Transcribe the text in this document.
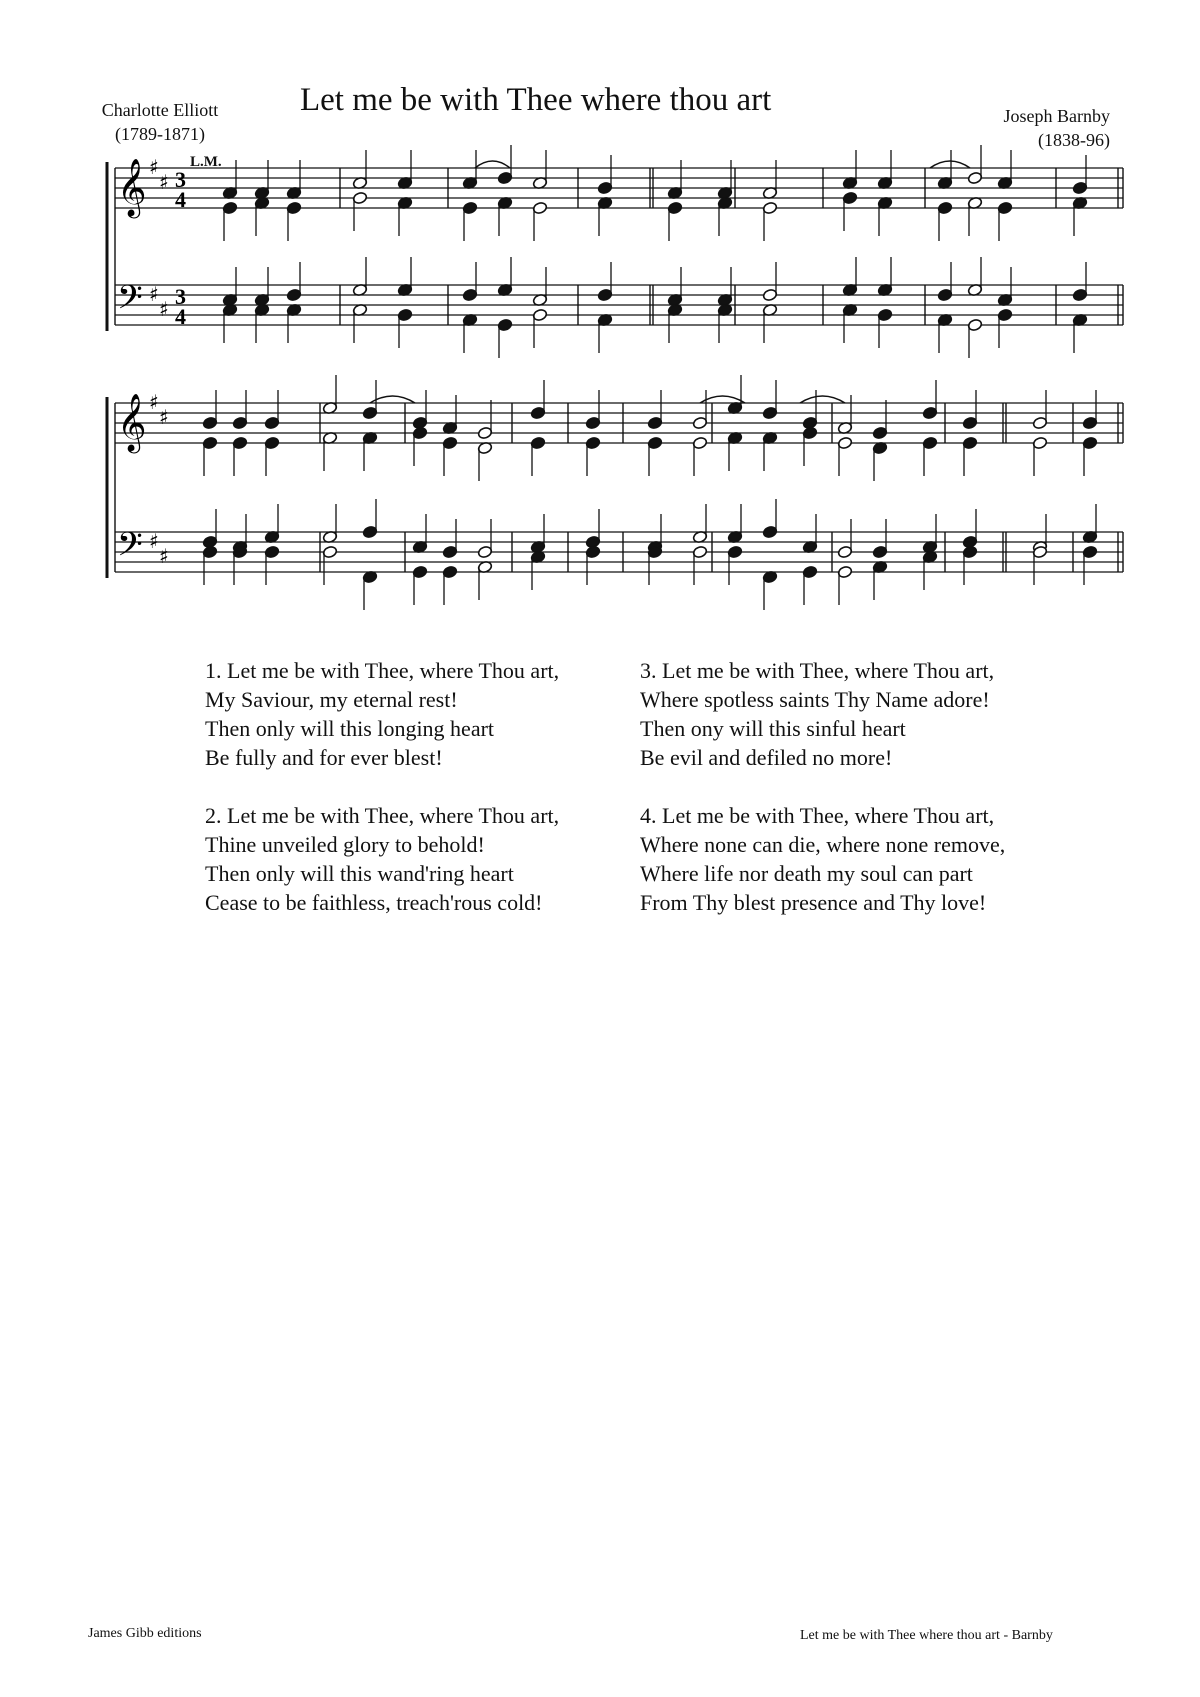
Charlotte Elliott
(1789-1871)
Let me be with Thee where thou art	Joseph Barnby
(1838-96)
L.M.
𝄞 ♯
♯ 3
4
𝄢 ♯
♯ 3
4
𝄞 ♯
♯
𝄢 ♯
♯
1. Let me be with Thee, where Thou art,
My Saviour, my eternal rest!
Then only will this longing heart
Be fully and for ever blest!
2. Let me be with Thee, where Thou art,
Thine unveiled glory to behold!
Then only will this wand'ring heart
Cease to be faithless, treach'rous cold!
3. Let me be with Thee, where Thou art,
Where spotless saints Thy Name adore!
Then ony will this sinful heart
Be evil and defiled no more!
4. Let me be with Thee, where Thou art,
Where none can die, where none remove,
Where life nor death my soul can part
From Thy blest presence and Thy love!
James Gibb editions	Let me be with Thee where thou art - Barnby
